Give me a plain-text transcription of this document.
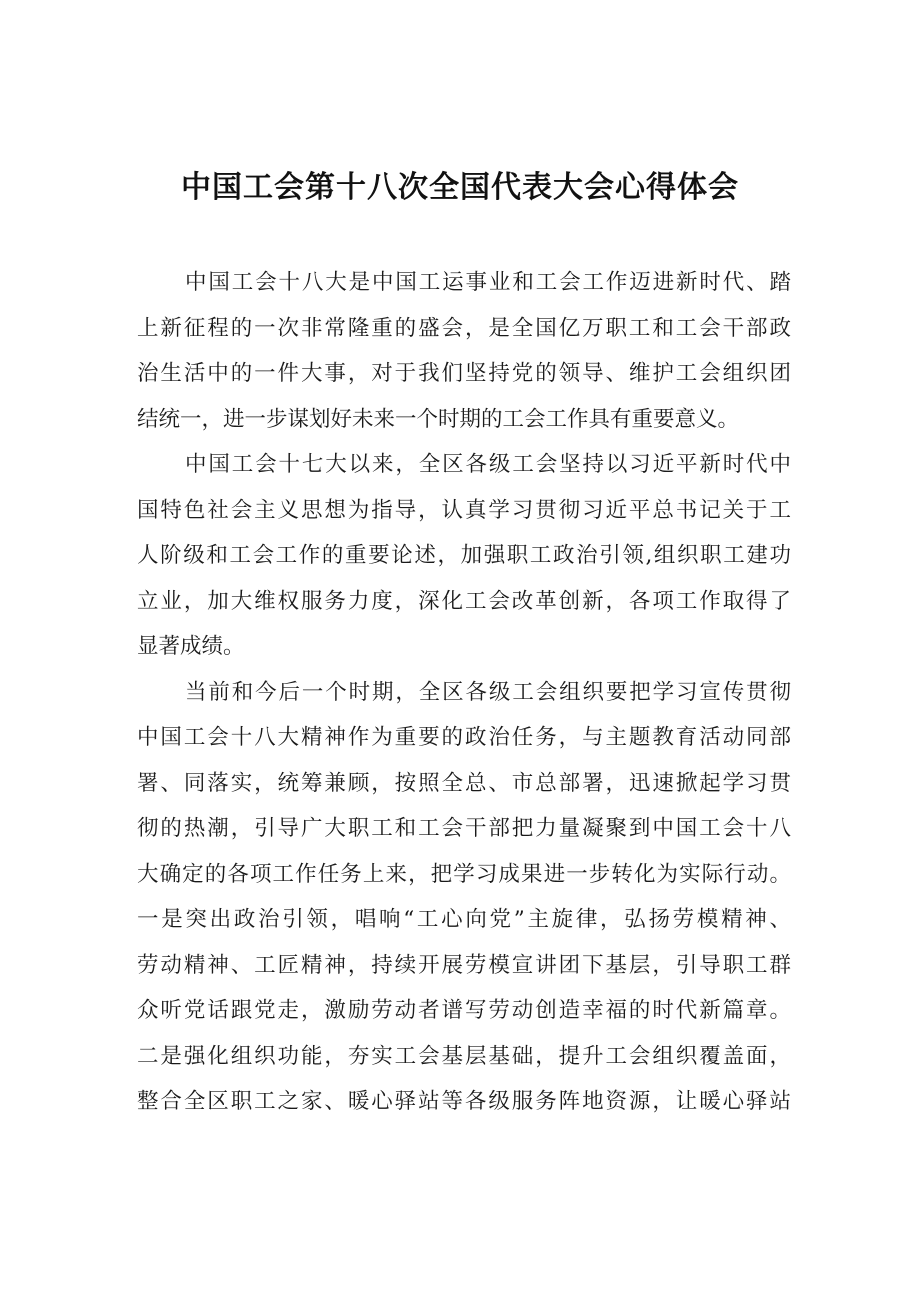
中国工会第十八次全国代表大会心得体会
中国工会十八大是中国工运事业和工会工作迈进新时代、踏
上新征程的一次非常隆重的盛会，是全国亿万职工和工会干部政
治生活中的一件大事，对于我们坚持党的领导、维护工会组织团
结统一，进一步谋划好未来一个时期的工会工作具有重要意义。
中国工会十七大以来，全区各级工会坚持以习近平新时代中
国特色社会主义思想为指导，认真学习贯彻习近平总书记关于工
人阶级和工会工作的重要论述，加强职工政治引领,组织职工建功
立业，加大维权服务力度，深化工会改革创新，各项工作取得了
显著成绩。
当前和今后一个时期，全区各级工会组织要把学习宣传贯彻
中国工会十八大精神作为重要的政治任务，与主题教育活动同部
署、同落实，统筹兼顾，按照全总、市总部署，迅速掀起学习贯
彻的热潮，引导广大职工和工会干部把力量凝聚到中国工会十八
大确定的各项工作任务上来，把学习成果进一步转化为实际行动。
一是突出政治引领，唱响“工心向党”主旋律，弘扬劳模精神、
劳动精神、工匠精神，持续开展劳模宣讲团下基层，引导职工群
众听党话跟党走，激励劳动者谱写劳动创造幸福的时代新篇章。
二是强化组织功能，夯实工会基层基础，提升工会组织覆盖面，
整合全区职工之家、暖心驿站等各级服务阵地资源，让暖心驿站
